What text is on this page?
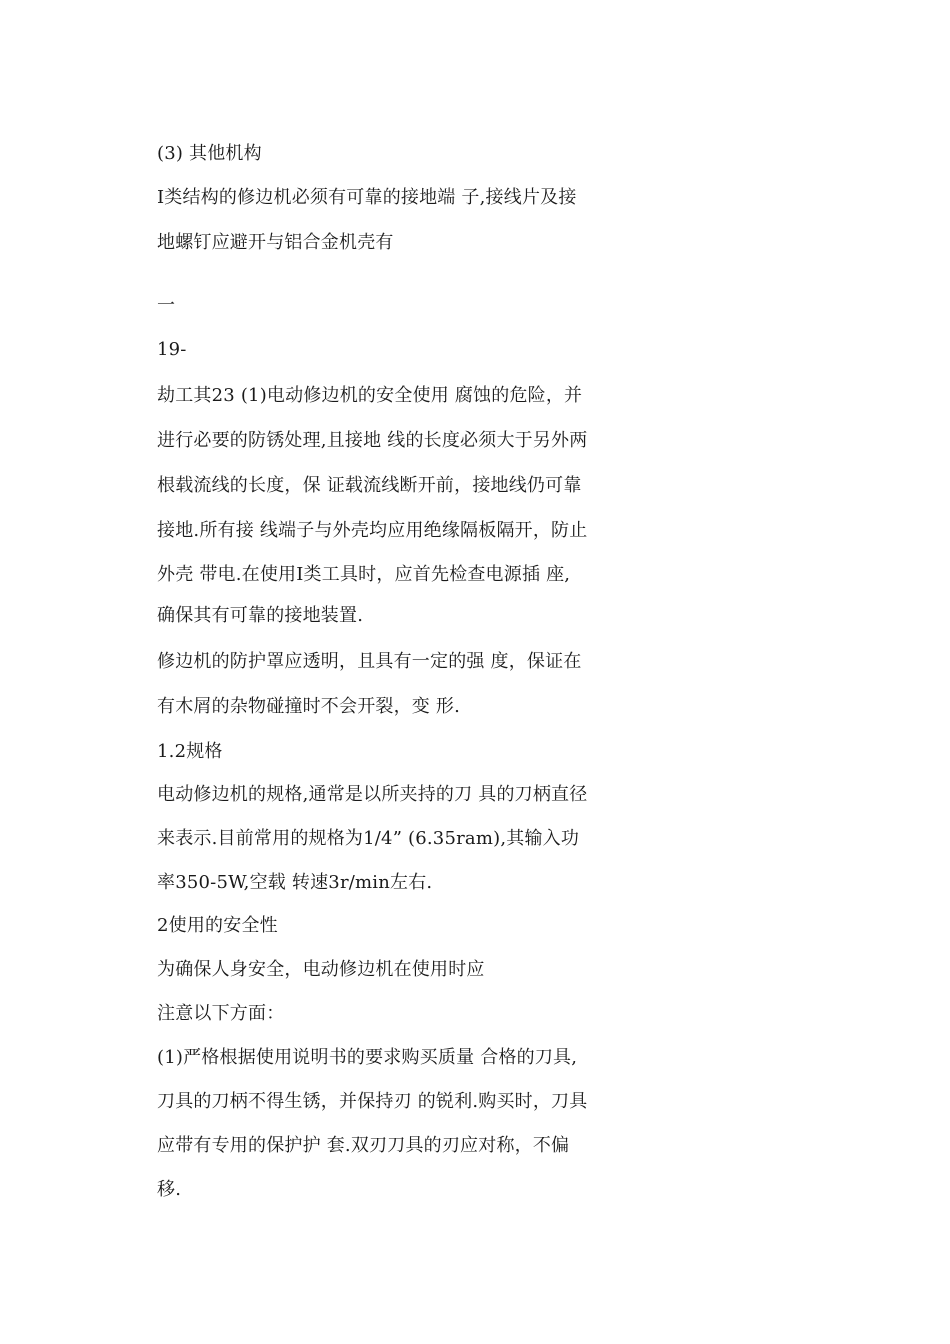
(3) 其他机构
I类结构的修边机必须有可靠的接地端 子,接线片及接
地螺钉应避开与铝合金机壳有
一
19-
劫工其23 (1)电动修边机的安全使用 腐蚀的危险，并
进行必要的防锈处理,且接地 线的长度必须大于另外两
根载流线的长度，保 证载流线断开前，接地线仍可靠
接地.所有接 线端子与外壳均应用绝缘隔板隔开，防止
外壳 带电.在使用I类工具时，应首先检查电源插 座,
确保其有可靠的接地装置.
修边机的防护罩应透明，且具有一定的强 度，保证在
有木屑的杂物碰撞时不会开裂，变 形.
1.2规格
电动修边机的规格,通常是以所夹持的刀 具的刀柄直径
来表示.目前常用的规格为1/4” (6.35ram),其输入功
率350-5W,空载 转速3r/min左右.
2使用的安全性
为确保人身安全，电动修边机在使用时应
注意以下方面：
(1)严格根据使用说明书的要求购买质量 合格的刀具,
刀具的刀柄不得生锈，并保持刃 的锐利.购买时，刀具
应带有专用的保护护 套.双刃刀具的刃应对称，不偏
移.
